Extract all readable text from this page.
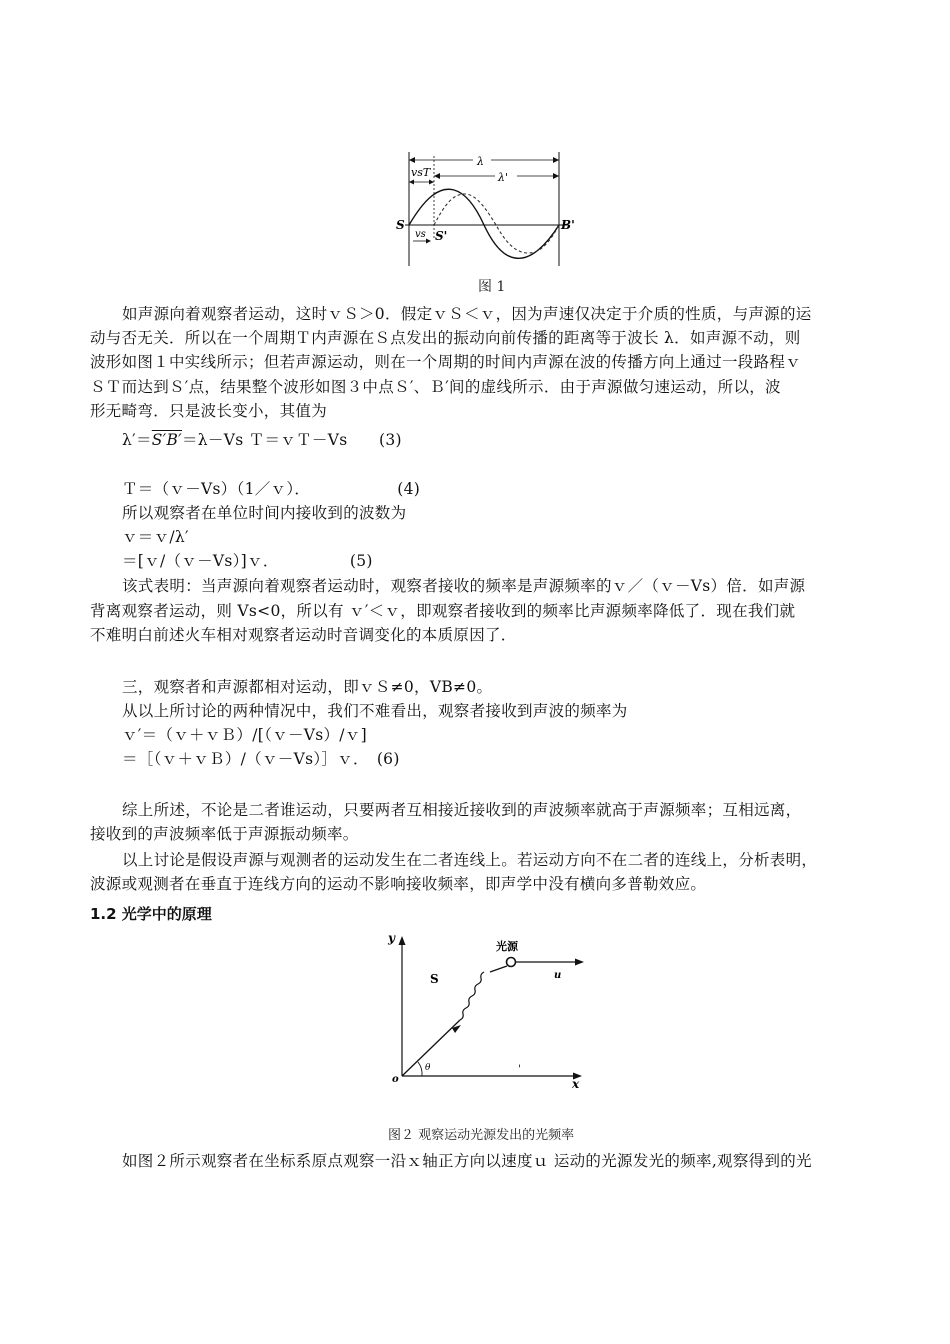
λ
λ'
vsT
vs
S
S'
B'
图 1
如声源向着观察者运动，这时ｖＳ＞0．假定ｖＳ＜ｖ，因为声速仅决定于介质的性质，与声源的运
动与否无关．所以在一个周期Ｔ内声源在Ｓ点发出的振动向前传播的距离等于波长 λ．如声源不动，则
波形如图１中实线所示；但若声源运动，则在一个周期的时间内声源在波的传播方向上通过一段路程ｖ
ＳＴ而达到Ｓ′点，结果整个波形如图３中点Ｓ′、Ｂ′间的虚线所示．由于声源做匀速运动，所以，波
形无畸弯．只是波长变小，其值为
λ′＝S′B′＝λ－Vs Ｔ＝ｖＴ－Vs　　(3)
Ｔ＝（ｖ－Vs）（1／ｖ）．　　　　　　(4)
所以观察者在单位时间内接收到的波数为
ｖ＝ｖ/λ′
＝[ｖ/（ｖ－Vs）]ｖ．　　　　　(5)
该式表明：当声源向着观察者运动时，观察者接收的频率是声源频率的ｖ／（ｖ－Vs）倍．如声源
背离观察者运动，则 Vs<0，所以有 ｖ′＜ｖ，即观察者接收到的频率比声源频率降低了．现在我们就
不难明白前述火车相对观察者运动时音调变化的本质原因了．
三，观察者和声源都相对运动，即ｖＳ≠0，VB≠0。
从以上所讨论的两种情况中，我们不难看出，观察者接收到声波的频率为
ｖ′＝（ｖ＋ｖＢ）/[（ｖ－Vs）/ｖ]
＝［（ｖ＋ｖＢ）/（ｖ－Vs）］ｖ．　(6)
综上所述，不论是二者谁运动，只要两者互相接近接收到的声波频率就高于声源频率；互相远离，
接收到的声波频率低于声源振动频率。
以上讨论是假设声源与观测者的运动发生在二者连线上。若运动方向不在二者的连线上，分析表明，
波源或观测者在垂直于连线方向的运动不影响接收频率，即声学中没有横向多普勒效应。
1.2 光学中的原理
y
x
o
S
光源
u
θ	'
图２ 观察运动光源发出的光频率
如图２所示观察者在坐标系原点观察一沿ｘ轴正方向以速度ｕ 运动的光源发光的频率,观察得到的光
